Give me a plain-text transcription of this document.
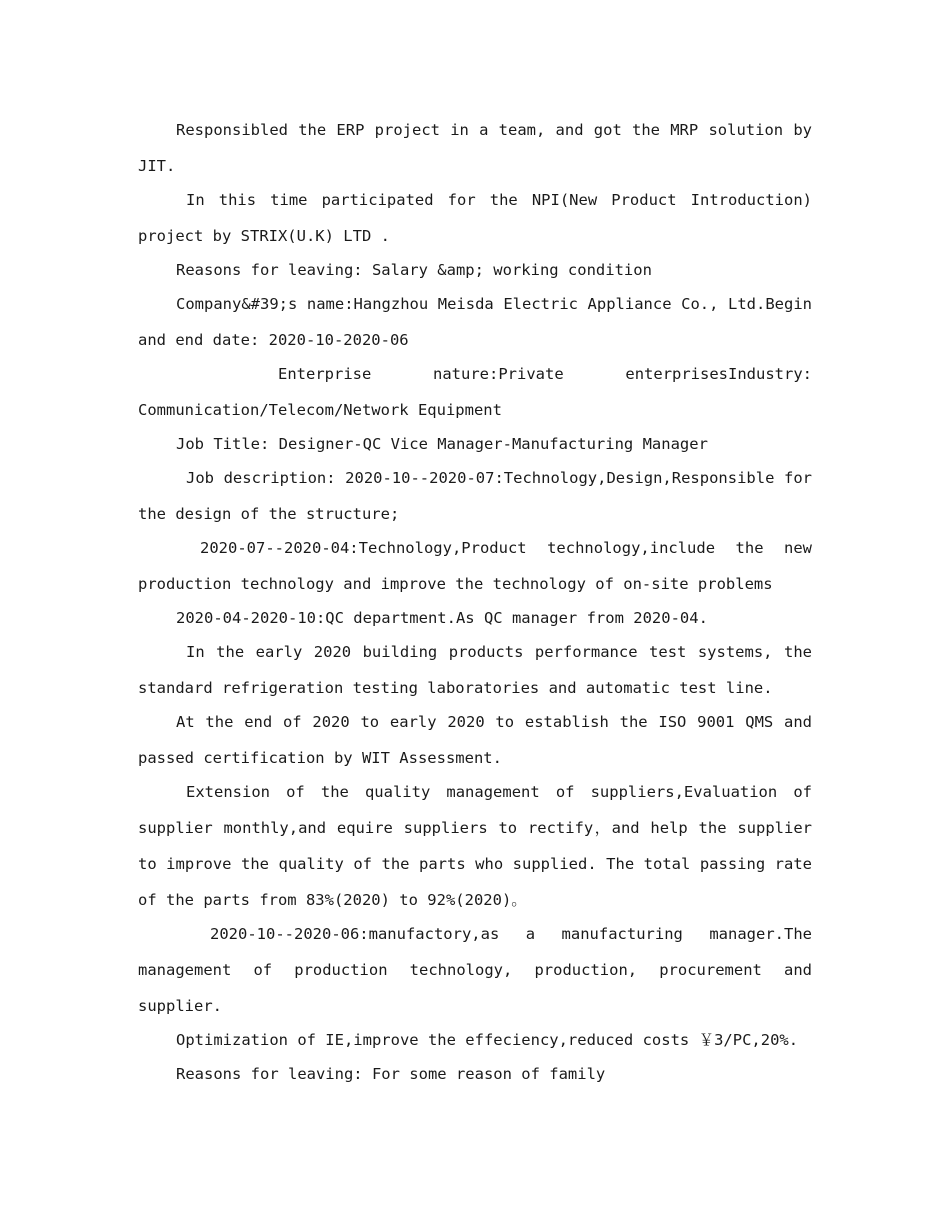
Responsibled the ERP project in a team, and got the MRP solution by JIT.

In this time participated for the NPI(New Product Introduction) project by STRIX(U.K) LTD .

Reasons for leaving: Salary &amp; working condition

Company&#39;s name:Hangzhou Meisda Electric Appliance Co., Ltd.Begin and end date: 2020-10-2020-06

Enterprise nature:Private enterprisesIndustry: Communication/Telecom/Network Equipment

Job Title: Designer-QC Vice Manager-Manufacturing Manager

Job description: 2020-10--2020-07:Technology,Design,Responsible for the design of the structure;

2020-07--2020-04:Technology,Product technology,include the new production technology and improve the technology of on-site problems

2020-04-2020-10:QC department.As QC manager from 2020-04.

In the early 2020 building products performance test systems, the standard refrigeration testing laboratories and automatic test line.

At the end of 2020 to early 2020 to establish the ISO 9001 QMS and passed certification by WIT Assessment.

Extension of the quality management of suppliers,Evaluation of supplier monthly,and equire suppliers to rectify，and help the supplier to improve the quality of the parts who supplied. The total passing rate of the parts from 83%(2020) to 92%(2020)。

2020-10--2020-06:manufactory,as a manufacturing manager.The management of production technology, production, procurement and supplier.

Optimization of IE,improve the effeciency,reduced costs ￥3/PC,20%.

Reasons for leaving: For some reason of family
